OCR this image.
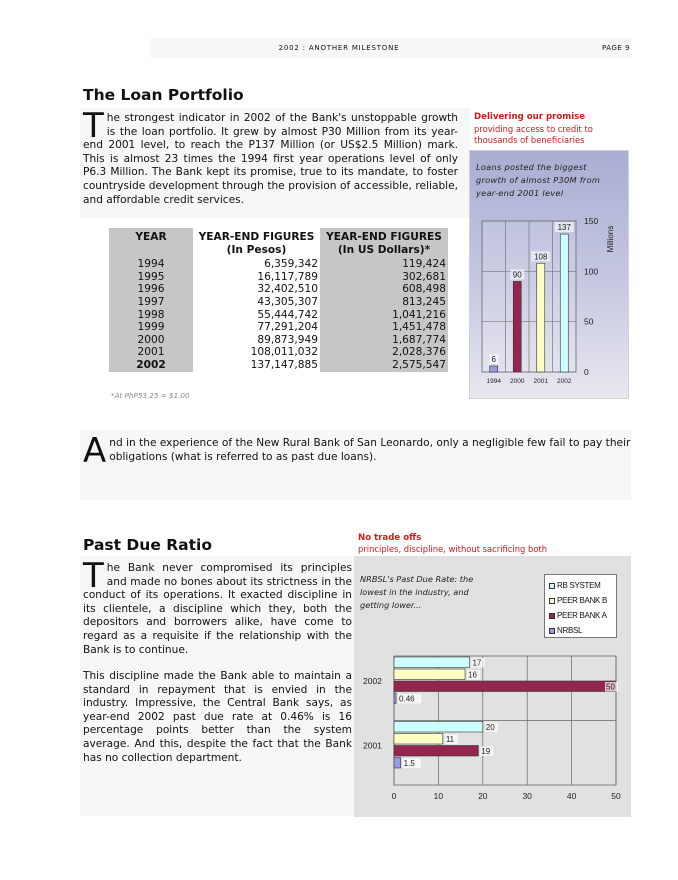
2002 : ANOTHER MILESTONE	PAGE 9
The Loan Portfolio
The strongest indicator in 2002 of the Bank's unstoppable growth is the loan portfolio. It grew by almost P30 Million from its year-end 2001 level, to reach the P137 Million (or US$2.5 Million) mark. This is almost 23 times the 1994 first year operations level of only P6.3 Million. The Bank kept its promise, true to its mandate, to foster countryside development through the provision of accessible, reliable, and affordable credit services.
Delivering our promise
providing access to credit to thousands of beneficiaries
YEAR	YEAR-END FIGURES (In Pesos)	YEAR-END FIGURES (In US Dollars)*
1994	6,359,342	119,424
1995	16,117,789	302,681
1996	32,402,510	608,498
1997	43,305,307	813,245
1998	55,444,742	1,041,216
1999	77,291,204	1,451,478
2000	89,873,949	1,687,774
2001	108,011,032	2,028,376
2002	137,147,885	2,575,547
*At PhP53.25 = $1.00
0
50
100
150
6
1994
90
2000
108
2001
137
2002
Millions
Loans posted the biggest growth of almost P30M from year-end 2001 level
And in the experience of the New Rural Bank of San Leonardo, only a negligible few fail to pay their obligations (what is referred to as past due loans).
Past Due Ratio	No trade offs
principles, discipline, without sacrificing both
The Bank never compromised its principles and made no bones about its strictness in the conduct of its operations. It exacted discipline in its clientele, a discipline which they, both the depositors and borrowers alike, have come to regard as a requisite if the relationship with the Bank is to continue.
This discipline made the Bank able to maintain a standard in repayment that is envied in the industry. Impressive, the Central Bank says, as year-end 2002 past due rate at 0.46% is 16 percentage points better than the system average. And this, despite the fact that the Bank has no collection department.
0	10	20	30	40	50
17
16
50
0.46
2002
20
11
19
1.5
2001
NRBSL's Past Due Rate: the lowest in the industry, and getting lower...
RB SYSTEM
PEER BANK B
PEER BANK A
NRBSL
